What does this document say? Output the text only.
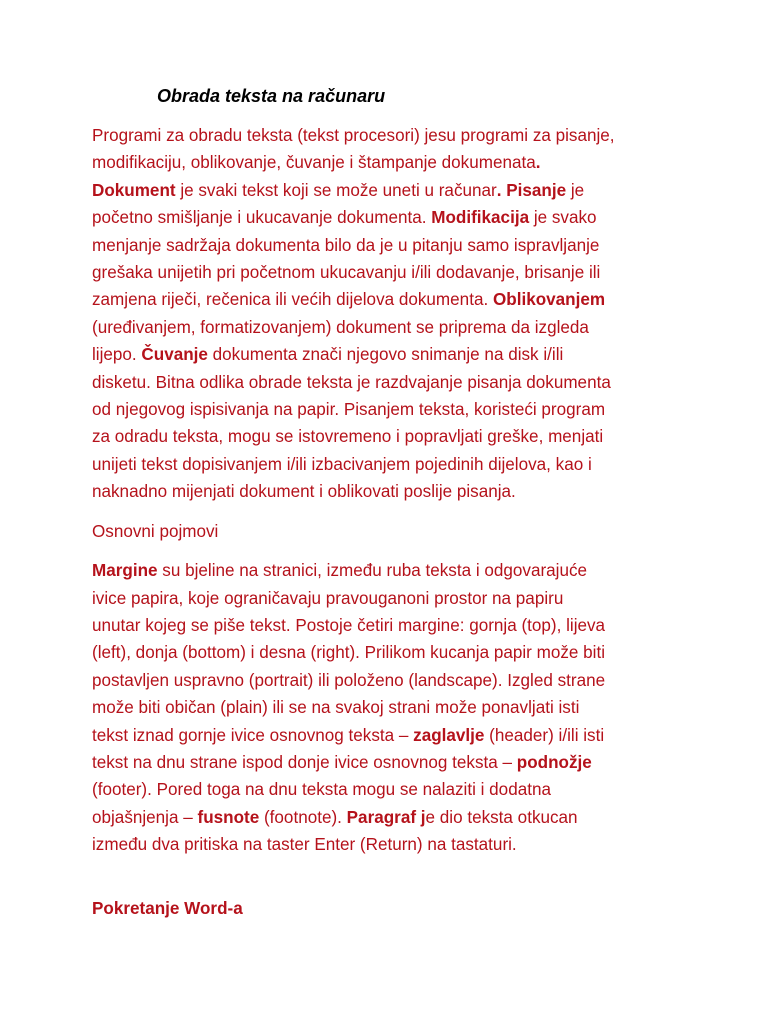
Obrada teksta na računaru

Programi za obradu teksta (tekst procesori) jesu programi za pisanje,
modifikaciju, oblikovanje, čuvanje i štampanje dokumenata.
Dokument je svaki tekst koji se može uneti u računar. Pisanje je
početno smišljanje i ukucavanje dokumenta. Modifikacija je svako
menjanje sadržaja dokumenta bilo da je u pitanju samo ispravljanje
grešaka unijetih pri početnom ukucavanju i/ili dodavanje, brisanje ili
zamjena riječi, rečenica ili većih dijelova dokumenta. Oblikovanjem
(uređivanjem, formatizovanjem) dokument se priprema da izgleda
lijepo. Čuvanje dokumenta znači njegovo snimanje na disk i/ili
disketu. Bitna odlika obrade teksta je razdvajanje pisanja dokumenta
od njegovog ispisivanja na papir. Pisanjem teksta, koristeći program
za odradu teksta, mogu se istovremeno i popravljati greške, menjati
unijeti tekst dopisivanjem i/ili izbacivanjem pojedinih dijelova, kao i
naknadno mijenjati dokument i oblikovati poslije pisanja.

Osnovni pojmovi

Margine su bjeline na stranici, između ruba teksta i odgovarajuće
ivice papira, koje ograničavaju pravouganoni prostor na papiru
unutar kojeg se piše tekst. Postoje četiri margine: gornja (top), lijeva
(left), donja (bottom) i desna (right). Prilikom kucanja papir može biti
postavljen uspravno (portrait) ili položeno (landscape). Izgled strane
može biti običan (plain) ili se na svakoj strani može ponavljati isti
tekst iznad gornje ivice osnovnog teksta – zaglavlje (header) i/ili isti
tekst na dnu strane ispod donje ivice osnovnog teksta – podnožje
(footer). Pored toga na dnu teksta mogu se nalaziti i dodatna
objašnjenja – fusnote (footnote). Paragraf je dio teksta otkucan
između dva pritiska na taster Enter (Return) na tastaturi.

Pokretanje Word-a
